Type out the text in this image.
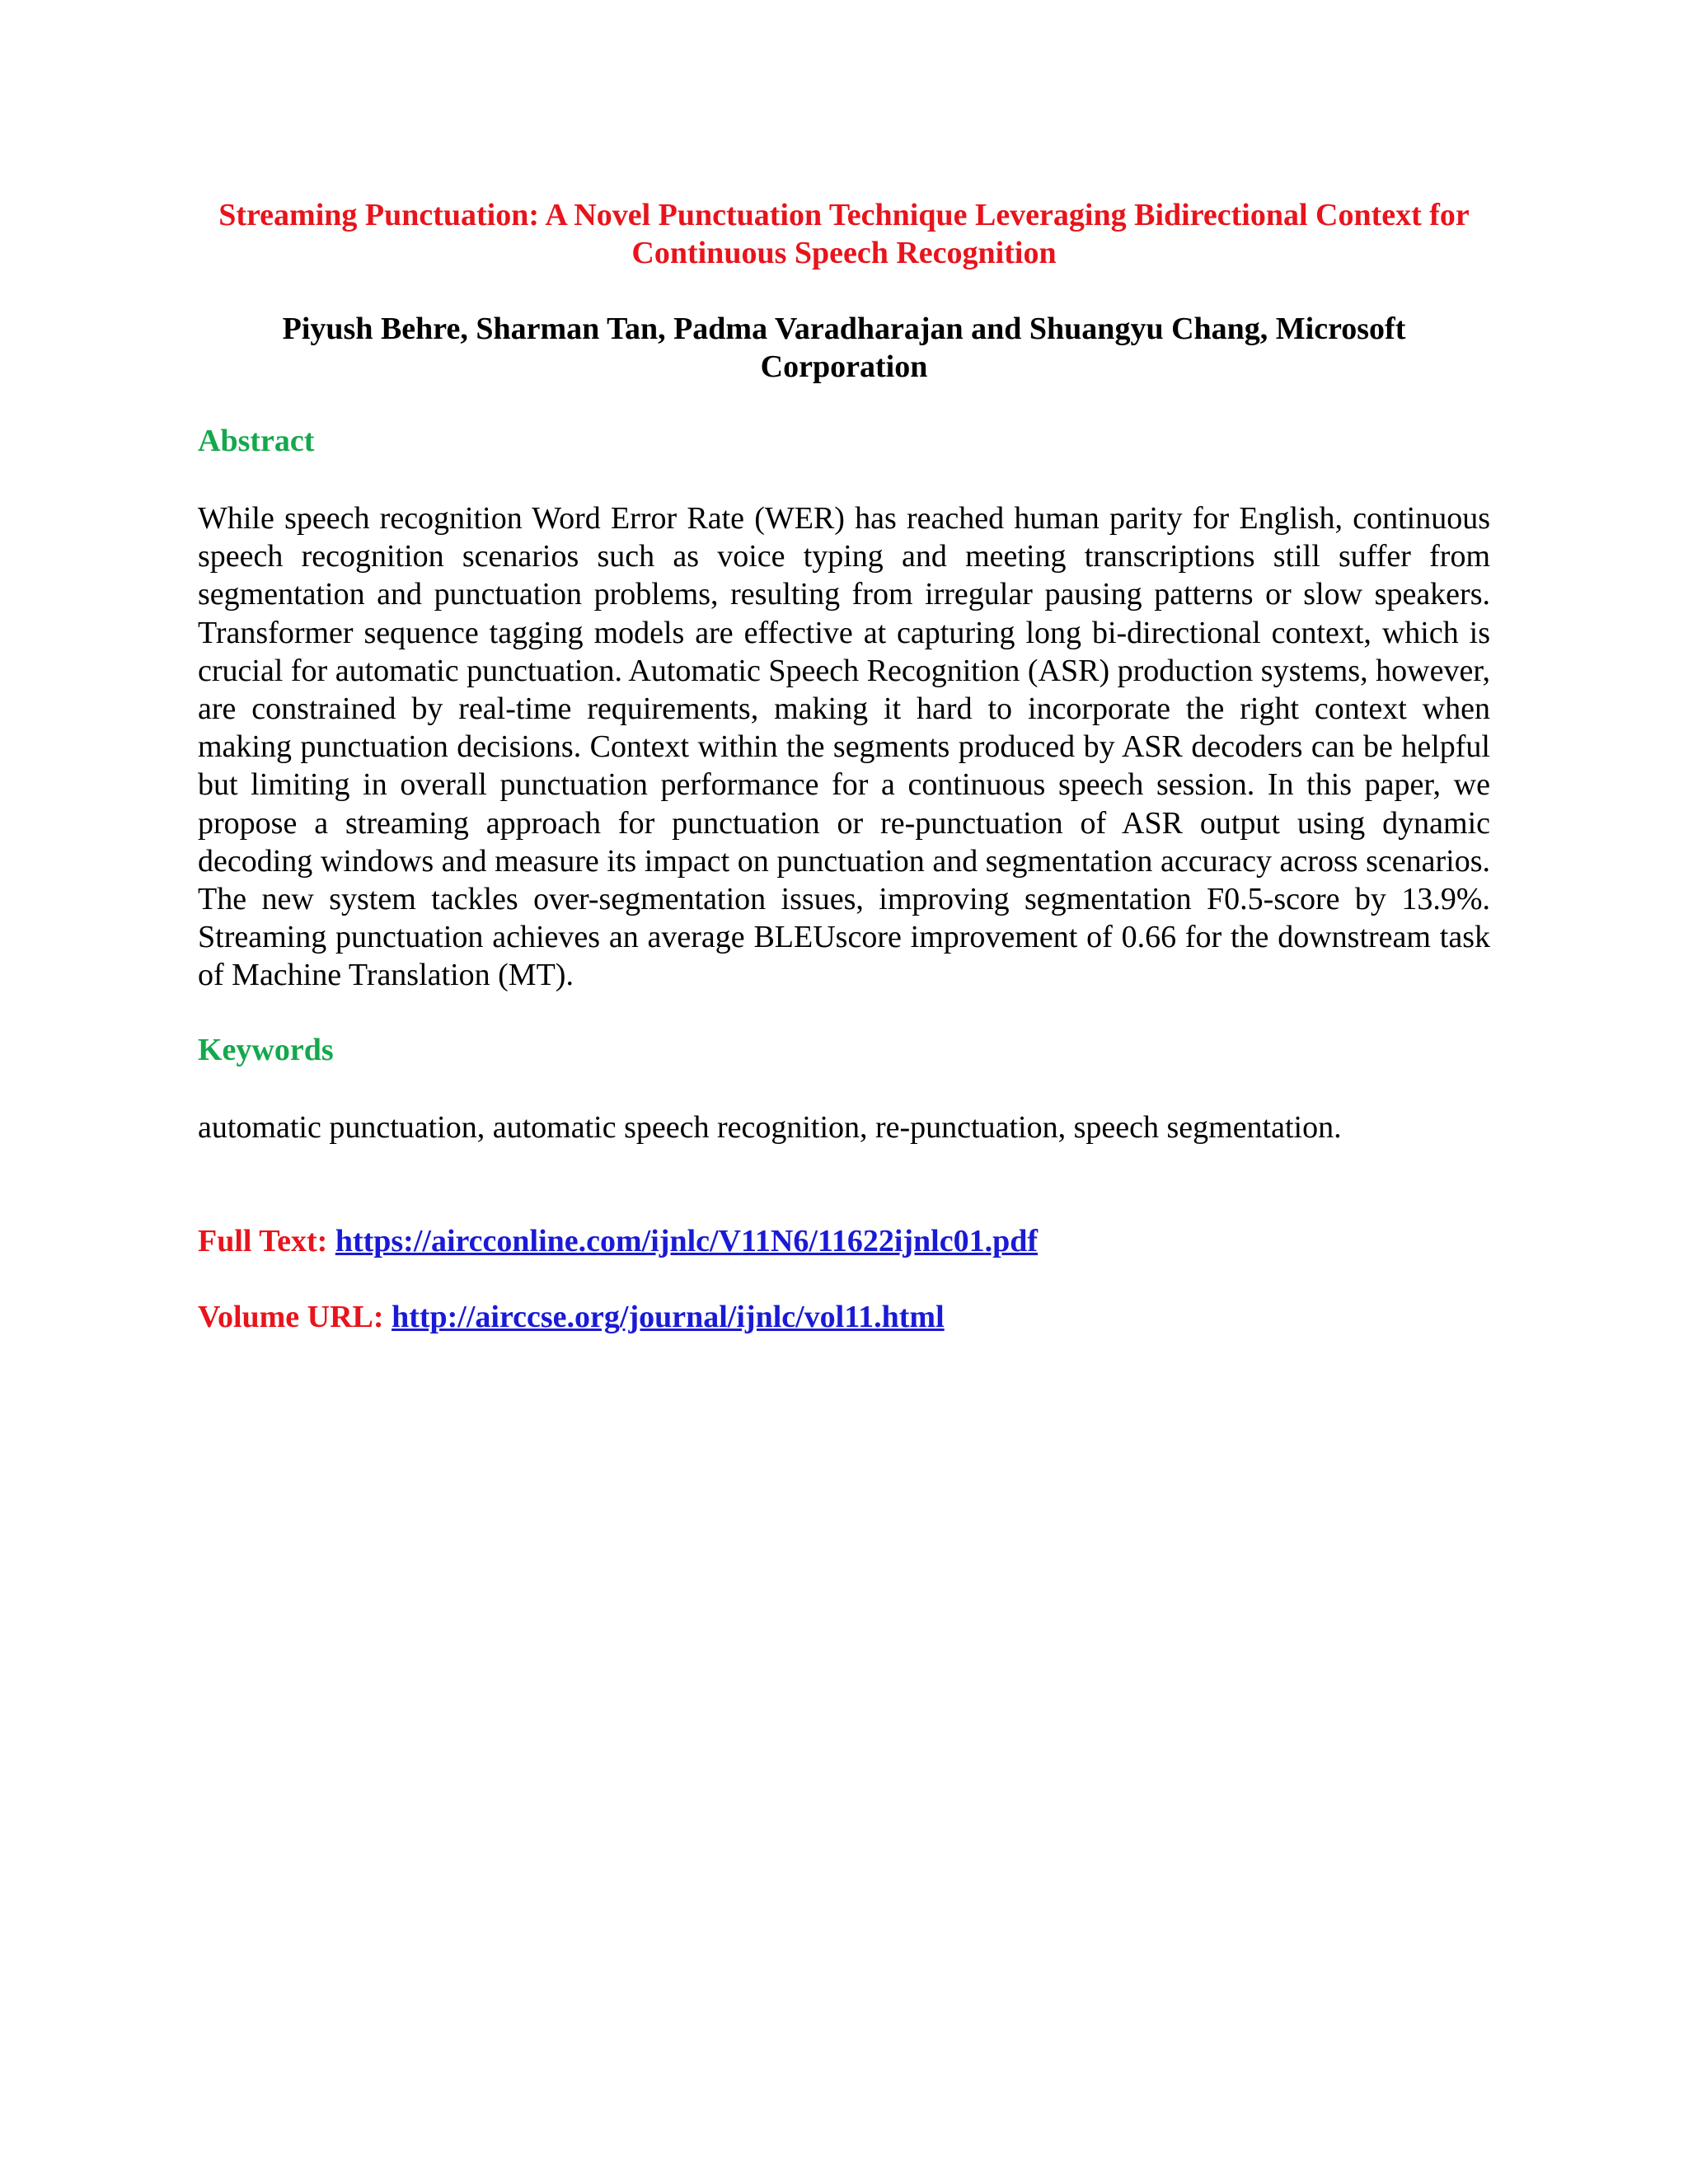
Streaming Punctuation: A Novel Punctuation Technique Leveraging Bidirectional Context for Continuous Speech Recognition

Piyush Behre, Sharman Tan, Padma Varadharajan and Shuangyu Chang, Microsoft Corporation

Abstract

While speech recognition Word Error Rate (WER) has reached human parity for English, continuous speech recognition scenarios such as voice typing and meeting transcriptions still suffer from segmentation and punctuation problems, resulting from irregular pausing patterns or slow speakers. Transformer sequence tagging models are effective at capturing long bi-directional context, which is crucial for automatic punctuation. Automatic Speech Recognition (ASR) production systems, however, are constrained by real-time requirements, making it hard to incorporate the right context when making punctuation decisions. Context within the segments produced by ASR decoders can be helpful but limiting in overall punctuation performance for a continuous speech session. In this paper, we propose a streaming approach for punctuation or re-punctuation of ASR output using dynamic decoding windows and measure its impact on punctuation and segmentation accuracy across scenarios. The new system tackles over-segmentation issues, improving segmentation F0.5-score by 13.9%. Streaming punctuation achieves an average BLEUscore improvement of 0.66 for the downstream task of Machine Translation (MT).

Keywords

automatic punctuation, automatic speech recognition, re-punctuation, speech segmentation.

Full Text: https://aircconline.com/ijnlc/V11N6/11622ijnlc01.pdf

Volume URL: http://airccse.org/journal/ijnlc/vol11.html
